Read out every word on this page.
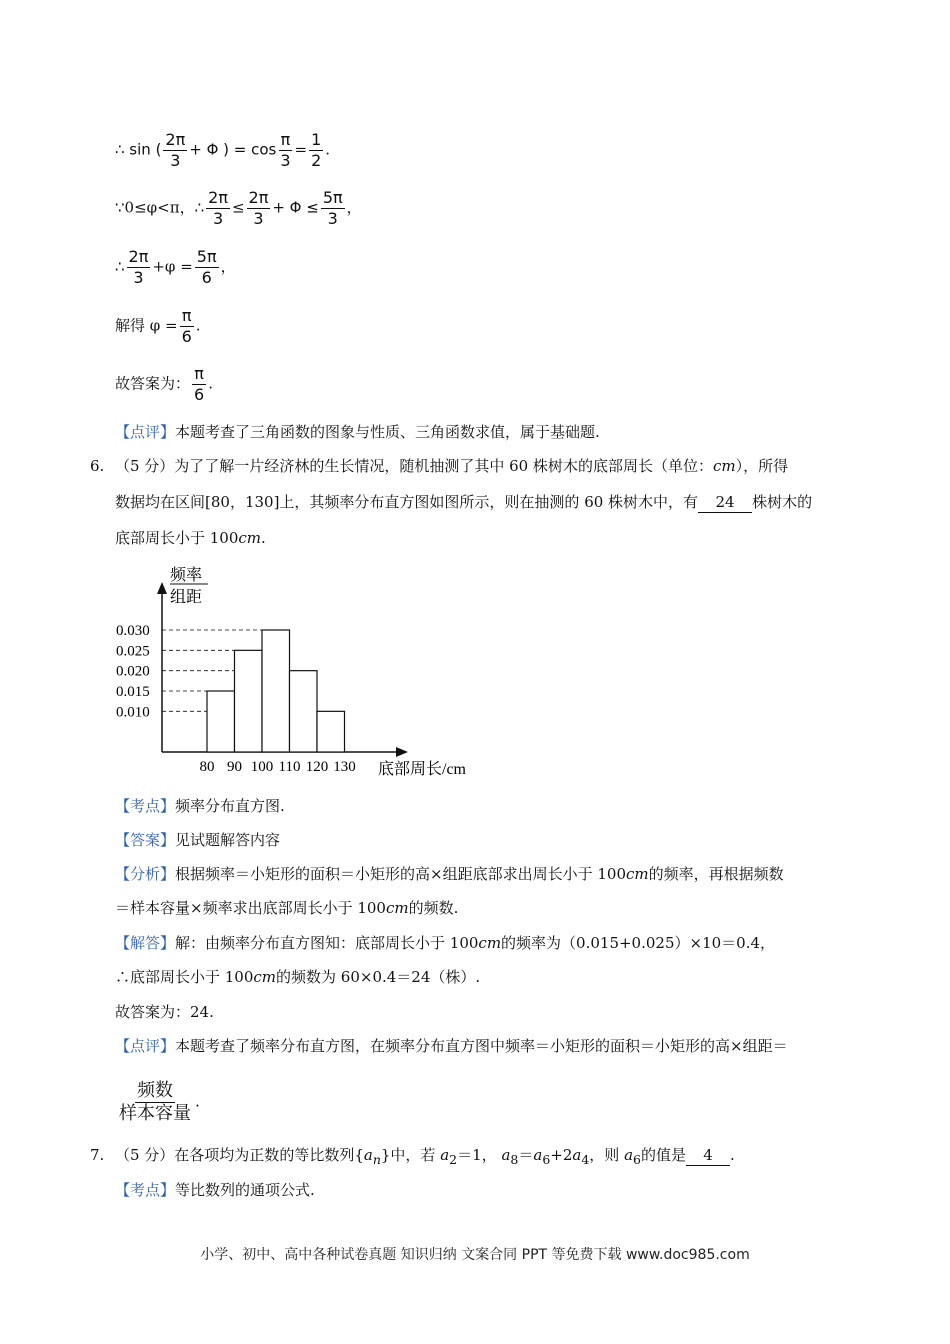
∴ sin ( $\frac{2\pi}{3} + \Phi$ ) = $\cos \frac{\pi}{3} = \frac{1}{2}$ .
∵0≤φ<π，∴ $\frac{2\pi}{3} \le \frac{2\pi}{3} + \Phi \le \frac{5\pi}{3}$ ，
∴ $\frac{2\pi}{3} +\varphi = \frac{5\pi}{6}$ ，
解得 $\varphi = \frac{\pi}{6}$ .
故答案为： $\frac{\pi}{6}$ .
【点评】本题考查了三角函数的图象与性质、三角函数求值，属于基础题.
6. （5 分）为了了解一片经济林的生长情况，随机抽测了其中 60 株树木的底部周长（单位：cm），所得
数据均在区间[80，130]上，其频率分布直方图如图所示，则在抽测的 60 株树木中，有 24 株树木的
底部周长小于 100cm.
频率
组距
底部周长/cm
0.030
0.025
0.020
0.015
0.010
80 90 100 110 120 130
【考点】频率分布直方图.
【答案】见试题解答内容
【分析】根据频率＝小矩形的面积＝小矩形的高×组距底部求出周长小于 100cm的频率，再根据频数
＝样本容量×频率求出底部周长小于 100cm的频数.
【解答】解：由频率分布直方图知：底部周长小于 100cm的频率为（0.015+0.025）×10＝0.4，
∴底部周长小于 100cm的频数为 60×0.4＝24（株）.
故答案为：24.
【点评】本题考查了频率分布直方图，在频率分布直方图中频率＝小矩形的面积＝小矩形的高×组距＝
$\frac{\text{频数}}{\text{样本容量}}$ .
7. （5 分）在各项均为正数的等比数列$\{a_n\}$中，若 $a_2=1$， $a_8=a_6+2a_4$，则 $a_6$的值是 4 .
【考点】等比数列的通项公式.
小学、初中、高中各种试卷真题 知识归纳 文案合同 PPT 等免费下载 www.doc985.com
